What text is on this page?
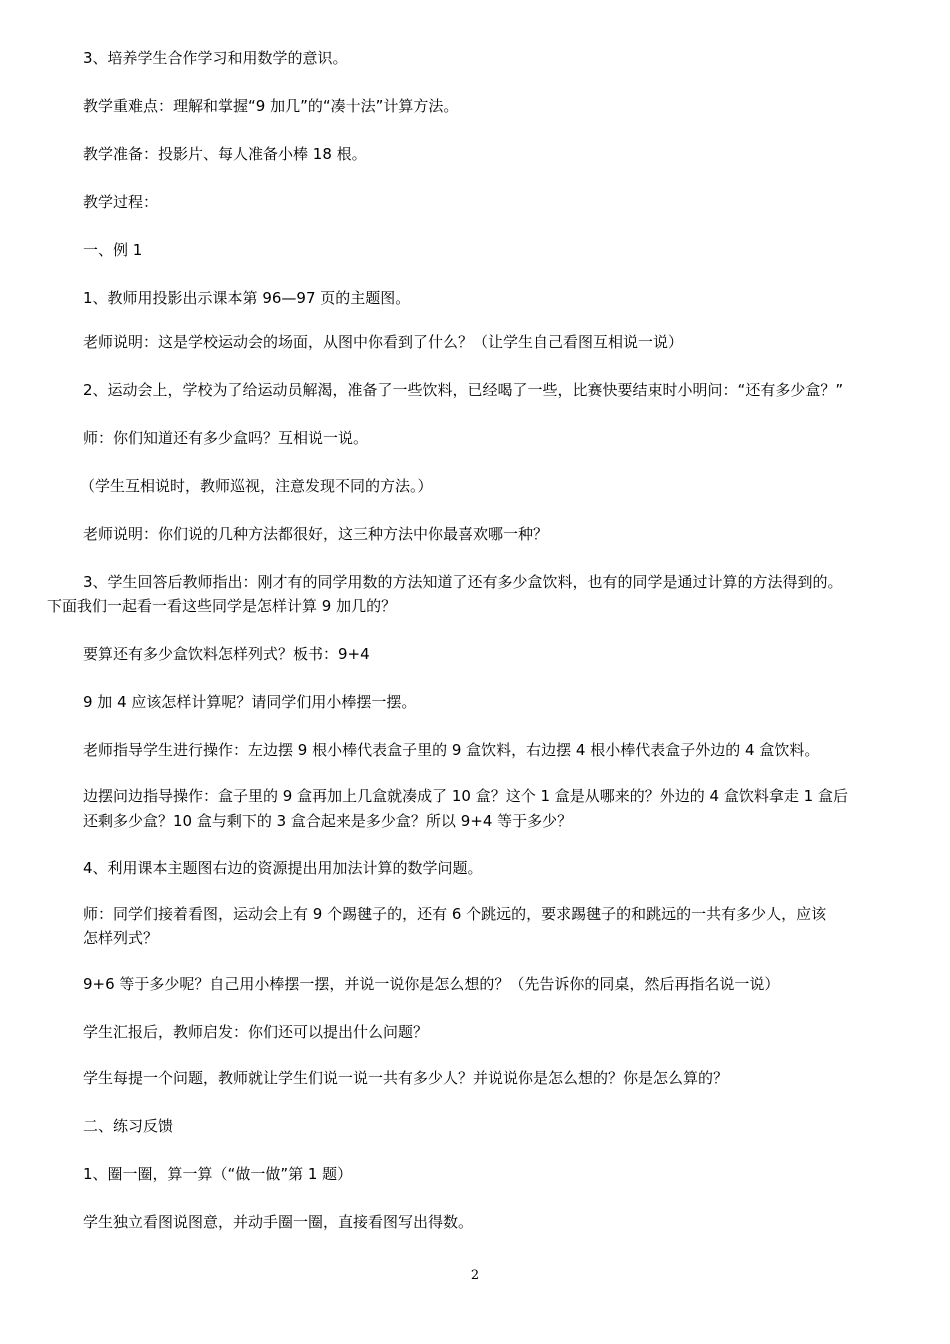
3、培养学生合作学习和用数学的意识。
教学重难点：理解和掌握“9 加几”的“凑十法”计算方法。
教学准备：投影片、每人准备小棒 18 根。
教学过程：
一、例 1
1、教师用投影出示课本第 96—97 页的主题图。
老师说明：这是学校运动会的场面，从图中你看到了什么？（让学生自己看图互相说一说）
2、运动会上，学校为了给运动员解渴，准备了一些饮料，已经喝了一些，比赛快要结束时小明问：“还有多少盒？”
师：你们知道还有多少盒吗？互相说一说。
（学生互相说时，教师巡视，注意发现不同的方法。）
老师说明：你们说的几种方法都很好，这三种方法中你最喜欢哪一种？
3、学生回答后教师指出：刚才有的同学用数的方法知道了还有多少盒饮料，也有的同学是通过计算的方法得到的。
下面我们一起看一看这些同学是怎样计算 9 加几的？
要算还有多少盒饮料怎样列式？板书：9+4
9 加 4 应该怎样计算呢？请同学们用小棒摆一摆。
老师指导学生进行操作：左边摆 9 根小棒代表盒子里的 9 盒饮料，右边摆 4 根小棒代表盒子外边的 4 盒饮料。
边摆问边指导操作：盒子里的 9 盒再加上几盒就凑成了 10 盒？这个 1 盒是从哪来的？外边的 4 盒饮料拿走 1 盒后
还剩多少盒？10 盒与剩下的 3 盒合起来是多少盒？所以 9+4 等于多少？
4、利用课本主题图右边的资源提出用加法计算的数学问题。
师：同学们接着看图，运动会上有 9 个踢毽子的，还有 6 个跳远的，要求踢毽子的和跳远的一共有多少人，应该
怎样列式？
9+6 等于多少呢？自己用小棒摆一摆，并说一说你是怎么想的？（先告诉你的同桌，然后再指名说一说）
学生汇报后，教师启发：你们还可以提出什么问题？
学生每提一个问题，教师就让学生们说一说一共有多少人？并说说你是怎么想的？你是怎么算的？
二、练习反馈
1、圈一圈，算一算（“做一做”第 1 题）
学生独立看图说图意，并动手圈一圈，直接看图写出得数。
2
